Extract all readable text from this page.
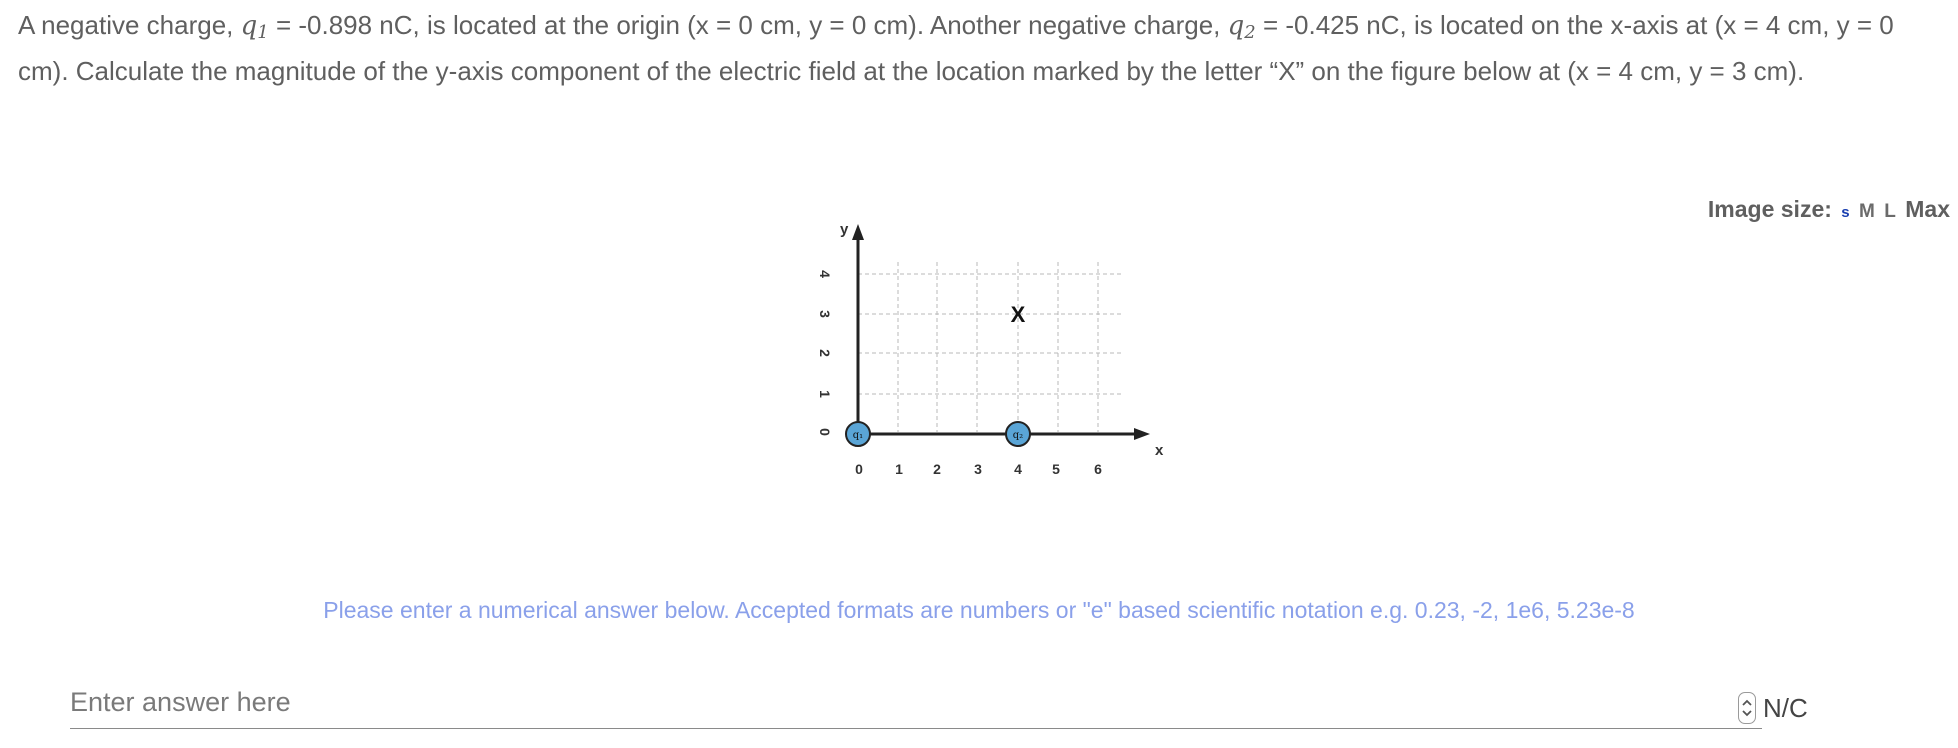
A negative charge, $q_1 = -0.898$ nC, is located at the origin (x = 0 cm, y = 0 cm). Another negative charge, $q_2 = -0.425$ nC, is located on the x-axis at (x = 4 cm, y = 0 cm). Calculate the magnitude of the y-axis component of the electric field at the location marked by the letter “X” on the figure below at (x = 4 cm, y = 3 cm).
Image size: s M L Max
y
x
4
3
2
1
0
0 1 2 3 4 5 6
X
q₁	q₂
Please enter a numerical answer below. Accepted formats are numbers or "e" based scientific notation e.g. 0.23, -2, 1e6, 5.23e-8
Enter answer here
N/C
